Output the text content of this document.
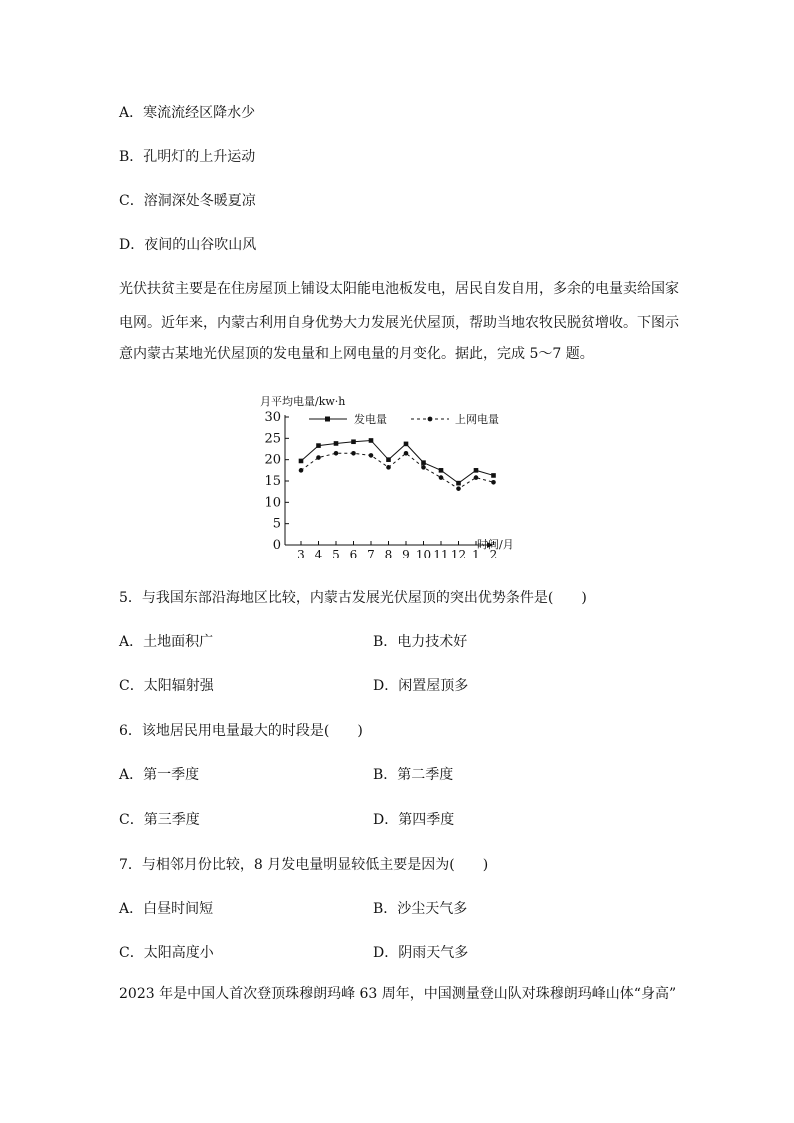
A．寒流流经区降水少
B．孔明灯的上升运动
C．溶洞深处冬暖夏凉
D．夜间的山谷吹山风
光伏扶贫主要是在住房屋顶上铺设太阳能电池板发电，居民自发自用，多余的电量卖给国家
电网。近年来，内蒙古利用自身优势大力发展光伏屋顶，帮助当地农牧民脱贫增收。下图示
意内蒙古某地光伏屋顶的发电量和上网电量的月变化。据此，完成 5～7 题。
月平均电量/kw·h
0
5
10
15
20
25
30
3 4 5 6 7 8 9 10 11 12 1 2
时间/月
发电量	上网电量
5．与我国东部沿海地区比较，内蒙古发展光伏屋顶的突出优势条件是(　　)
A．土地面积广	B．电力技术好
C．太阳辐射强	D．闲置屋顶多
6．该地居民用电量最大的时段是(　　)
A．第一季度	B．第二季度
C．第三季度	D．第四季度
7．与相邻月份比较，8 月发电量明显较低主要是因为(　　)
A．白昼时间短	B．沙尘天气多
C．太阳高度小	D．阴雨天气多
2023 年是中国人首次登顶珠穆朗玛峰 63 周年，中国测量登山队对珠穆朗玛峰山体“身高”
